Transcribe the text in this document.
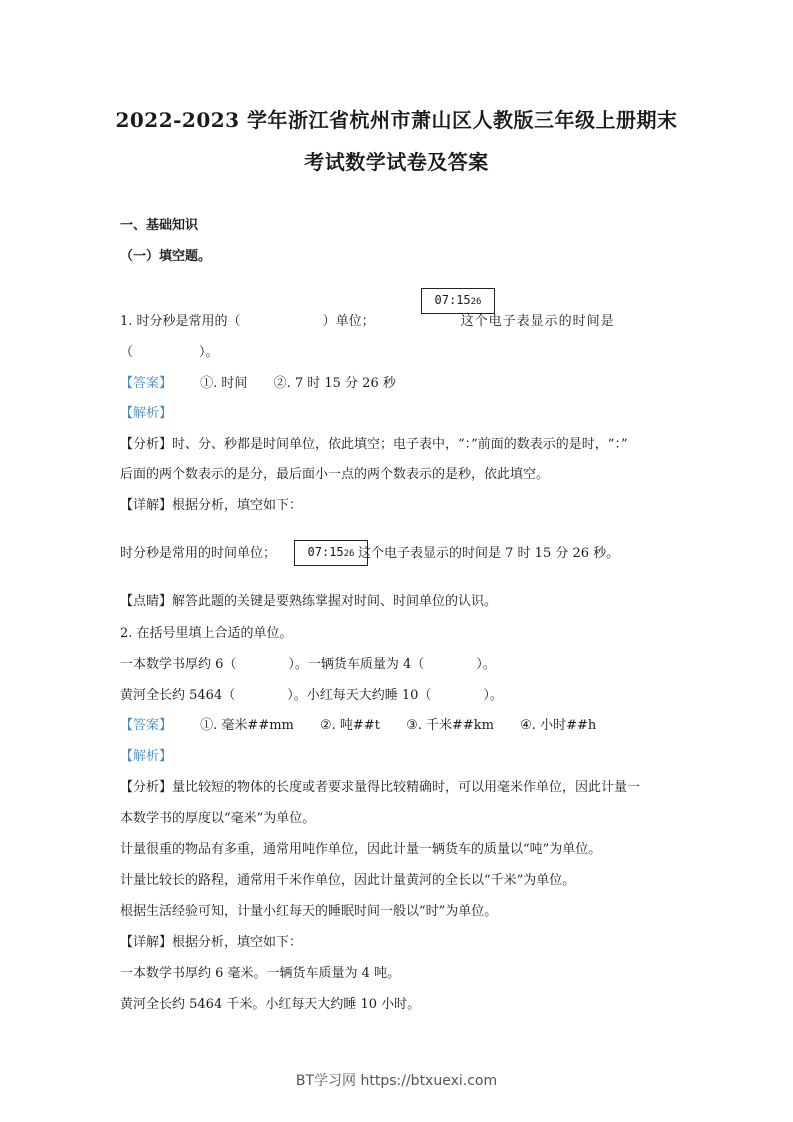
2022-2023 学年浙江省杭州市萧山区人教版三年级上册期末
考试数学试卷及答案
一、基础知识
（一）填空题。
07:1526
1. 时分秒是常用的（	）单位；	这个电子表显示的时间是
（	）。
【答案】 ①. 时间 ②. 7 时 15 分 26 秒
【解析】
【分析】时、分、秒都是时间单位，依此填空；电子表中，“：”前面的数表示的是时，“：”
后面的两个数表示的是分，最后面小一点的两个数表示的是秒，依此填空。
【详解】根据分析，填空如下：
07:1526
时分秒是常用的时间单位；	这个电子表显示的时间是 7 时 15 分 26 秒。
【点睛】解答此题的关键是要熟练掌握对时间、时间单位的认识。
2. 在括号里填上合适的单位。
一本数学书厚约 6（　　　　）。一辆货车质量为 4（　　　　）。
黄河全长约 5464（　　　　）。小红每天大约睡 10（　　　　）。
【答案】 ①. 毫米##mm ②. 吨##t ③. 千米##km ④. 小时##h
【解析】
【分析】量比较短的物体的长度或者要求量得比较精确时，可以用毫米作单位，因此计量一
本数学书的厚度以“毫米”为单位。
计量很重的物品有多重，通常用吨作单位，因此计量一辆货车的质量以“吨”为单位。
计量比较长的路程，通常用千米作单位，因此计量黄河的全长以“千米”为单位。
根据生活经验可知，计量小红每天的睡眠时间一般以“时”为单位。
【详解】根据分析，填空如下：
一本数学书厚约 6 毫米。一辆货车质量为 4 吨。
黄河全长约 5464 千米。小红每天大约睡 10 小时。
BT学习网 https://btxuexi.com
